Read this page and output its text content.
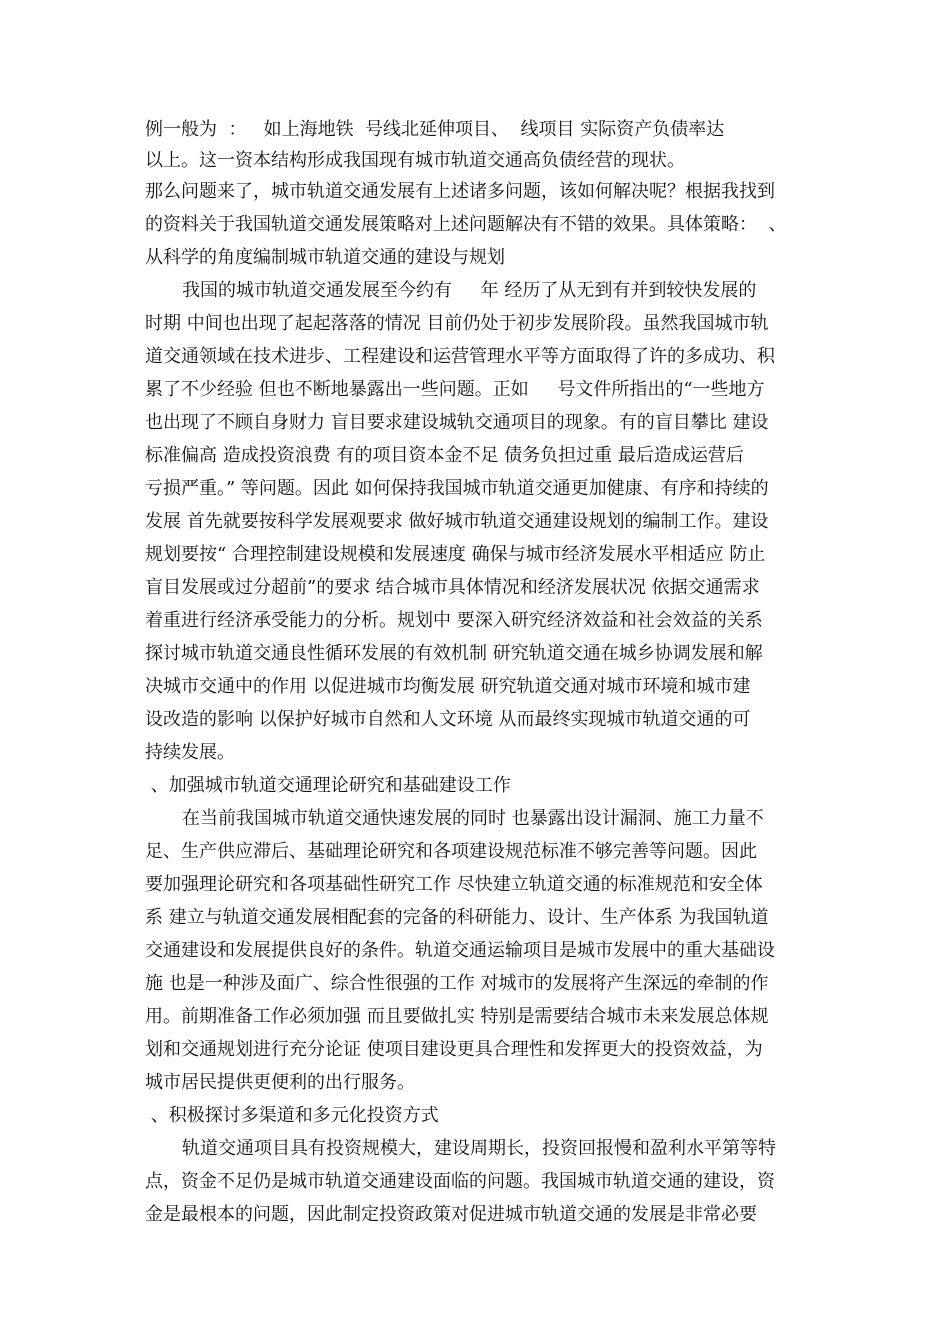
例一般为  ：   如上海地铁  号线北延伸项目、  线项目 实际资产负债率达
以上。这一资本结构形成我国现有城市轨道交通高负债经营的现状。
那么问题来了，城市轨道交通发展有上述诸多问题，该如何解决呢？根据我找到
的资料关于我国轨道交通发展策略对上述问题解决有不错的效果。具体策略：  、
从科学的角度编制城市轨道交通的建设与规划
我国的城市轨道交通发展至今约有     年 经历了从无到有并到较快发展的
时期 中间也出现了起起落落的情况 目前仍处于初步发展阶段。虽然我国城市轨
道交通领域在技术进步、工程建设和运营管理水平等方面取得了许的多成功、积
累了不少经验 但也不断地暴露出一些问题。正如     号文件所指出的“一些地方
也出现了不顾自身财力 盲目要求建设城轨交通项目的现象。有的盲目攀比 建设
标准偏高 造成投资浪费 有的项目资本金不足 债务负担过重 最后造成运营后
亏损严重。” 等问题。因此 如何保持我国城市轨道交通更加健康、有序和持续的
发展 首先就要按科学发展观要求 做好城市轨道交通建设规划的编制工作。建设
规划要按“ 合理控制建设规模和发展速度 确保与城市经济发展水平相适应 防止
盲目发展或过分超前”的要求 结合城市具体情况和经济发展状况 依据交通需求
着重进行经济承受能力的分析。规划中 要深入研究经济效益和社会效益的关系
探讨城市轨道交通良性循环发展的有效机制 研究轨道交通在城乡协调发展和解
决城市交通中的作用 以促进城市均衡发展 研究轨道交通对城市环境和城市建
设改造的影响 以保护好城市自然和人文环境 从而最终实现城市轨道交通的可
持续发展。
、加强城市轨道交通理论研究和基础建设工作
在当前我国城市轨道交通快速发展的同时 也暴露出设计漏洞、施工力量不
足、生产供应滞后、基础理论研究和各项建设规范标准不够完善等问题。因此
要加强理论研究和各项基础性研究工作 尽快建立轨道交通的标准规范和安全体
系 建立与轨道交通发展相配套的完备的科研能力、设计、生产体系 为我国轨道
交通建设和发展提供良好的条件。轨道交通运输项目是城市发展中的重大基础设
施 也是一种涉及面广、综合性很强的工作 对城市的发展将产生深远的牵制的作
用。前期准备工作必须加强 而且要做扎实 特别是需要结合城市未来发展总体规
划和交通规划进行充分论证 使项目建设更具合理性和发挥更大的投资效益，为
城市居民提供更便利的出行服务。
、积极探讨多渠道和多元化投资方式
轨道交通项目具有投资规模大，建设周期长，投资回报慢和盈利水平第等特
点，资金不足仍是城市轨道交通建设面临的问题。我国城市轨道交通的建设，资
金是最根本的问题，因此制定投资政策对促进城市轨道交通的发展是非常必要
